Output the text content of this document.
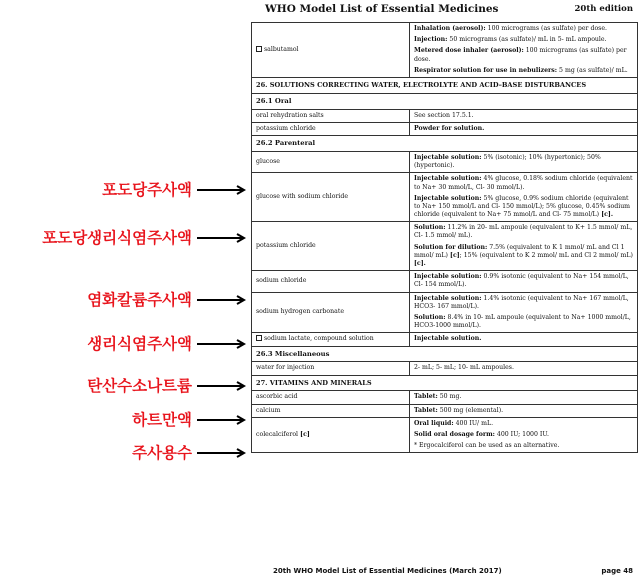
WHO Model List of Essential Medicines	20th edition
salbutamol	Inhalation (aerosol): 100 micrograms (as sulfate) per dose.
Injection: 50 micrograms (as sulfate)/ mL in 5- mL ampoule.
Metered dose inhaler (aerosol): 100 micrograms (as sulfate) per dose.
Respirator solution for use in nebulizers: 5 mg (as sulfate)/ mL.
26. SOLUTIONS CORRECTING WATER, ELECTROLYTE AND ACID–BASE DISTURBANCES	
26.1 Oral	
oral rehydration salts	See section 17.5.1.
potassium chloride	Powder for solution.
26.2 Parenteral	
glucose	Injectable solution: 5% (isotonic); 10% (hypertonic); 50% (hypertonic).
glucose with sodium chloride	Injectable solution: 4% glucose, 0.18% sodium chloride (equivalent to Na+ 30 mmol/L, Cl- 30 mmol/L).
Injectable solution: 5% glucose, 0.9% sodium chloride (equivalent to Na+ 150 mmol/L and Cl- 150 mmol/L); 5% glucose, 0.45% sodium chloride (equivalent to Na+ 75 mmol/L and Cl- 75 mmol/L) [c].
potassium chloride	Solution: 11.2% in 20- mL ampoule (equivalent to K+ 1.5 mmol/ mL, Cl- 1.5 mmol/ mL).
Solution for dilution: 7.5% (equivalent to K 1 mmol/ mL and Cl 1 mmol/ mL) [c]; 15% (equivalent to K 2 mmol/ mL and Cl 2 mmol/ mL) [c].
sodium chloride	Injectable solution: 0.9% isotonic (equivalent to Na+ 154 mmol/L, Cl- 154 mmol/L).
sodium hydrogen carbonate	Injectable solution: 1.4% isotonic (equivalent to Na+ 167 mmol/L, HCO3- 167 mmol/L).
Solution: 8.4% in 10- mL ampoule (equivalent to Na+ 1000 mmol/L, HCO3-1000 mmol/L).
sodium lactate, compound solution	Injectable solution.
26.3 Miscellaneous	
water for injection	2- mL; 5- mL; 10- mL ampoules.
27. VITAMINS AND MINERALS	
ascorbic acid	Tablet: 50 mg.
calcium	Tablet: 500 mg (elemental).
colecalciferol [c]	Oral liquid: 400 IU/ mL.
Solid oral dosage form: 400 IU; 1000 IU.
* Ergocalciferol can be used as an alternative.
포도당주사액
포도당생리식염주사액
염화칼륨주사액
생리식염주사액
탄산수소나트륨
하트만액
주사용수
20th WHO Model List of Essential Medicines (March 2017)	page 48
